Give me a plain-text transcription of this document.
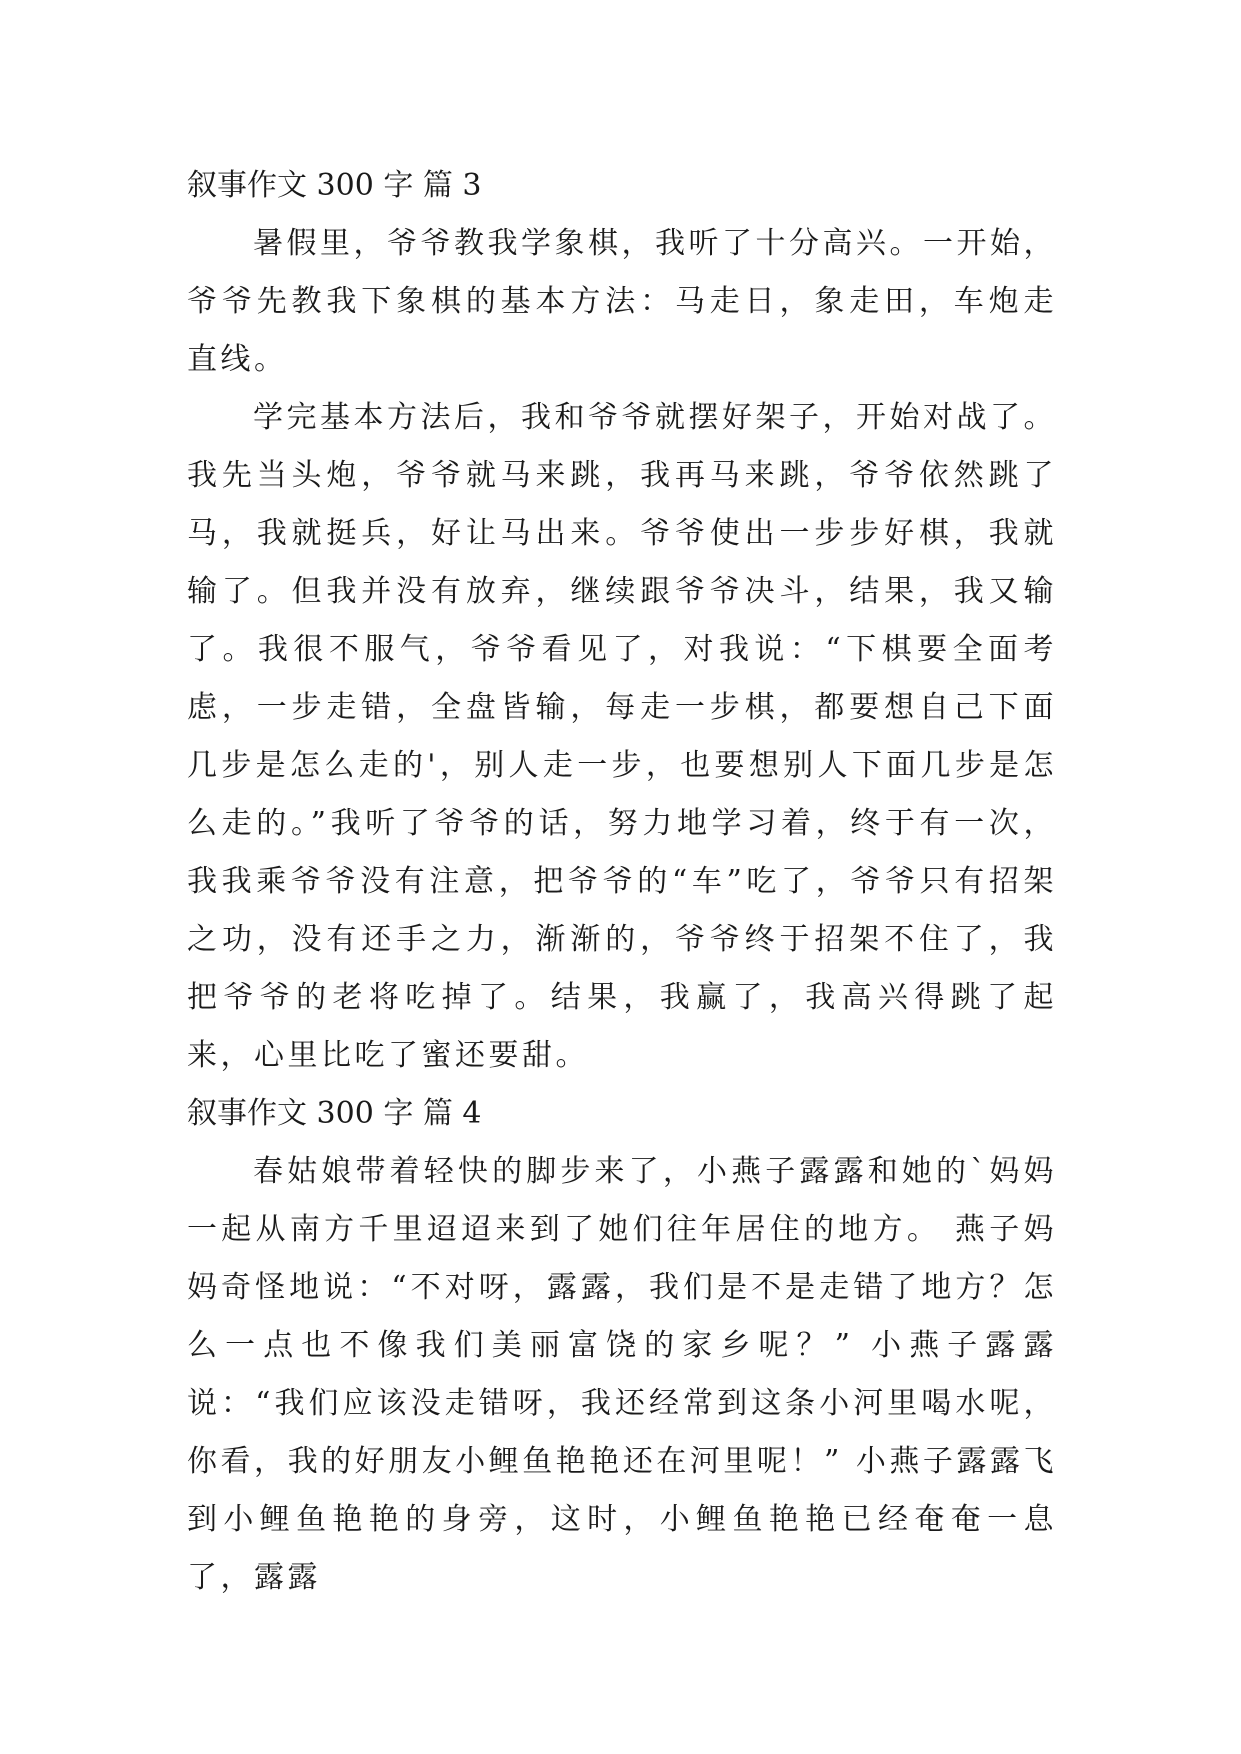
叙事作文 300 字 篇 3

暑假里，爷爷教我学象棋，我听了十分高兴。一开始，爷爷先教我下象棋的基本方法：马走日，象走田，车炮走直线。

学完基本方法后，我和爷爷就摆好架子，开始对战了。我先当头炮，爷爷就马来跳，我再马来跳，爷爷依然跳了马，我就挺兵，好让马出来。爷爷使出一步步好棋，我就输了。但我并没有放弃，继续跟爷爷决斗，结果，我又输了。我很不服气，爷爷看见了，对我说：“下棋要全面考虑，一步走错，全盘皆输，每走一步棋，都要想自己下面几步是怎么走的'，别人走一步，也要想别人下面几步是怎么走的。”我听了爷爷的话，努力地学习着，终于有一次，我我乘爷爷没有注意，把爷爷的“车”吃了，爷爷只有招架之功，没有还手之力，渐渐的，爷爷终于招架不住了，我把爷爷的老将吃掉了。结果，我赢了，我高兴得跳了起来，心里比吃了蜜还要甜。

叙事作文 300 字 篇 4

春姑娘带着轻快的脚步来了，小燕子露露和她的`妈妈一起从南方千里迢迢来到了她们往年居住的地方。 燕子妈妈奇怪地说：“不对呀，露露，我们是不是走错了地方？怎么一点也不像我们美丽富饶的家乡呢？” 小燕子露露说：“我们应该没走错呀，我还经常到这条小河里喝水呢，你看，我的好朋友小鲤鱼艳艳还在河里呢！” 小燕子露露飞到小鲤鱼艳艳的身旁，这时，小鲤鱼艳艳已经奄奄一息了，露露
